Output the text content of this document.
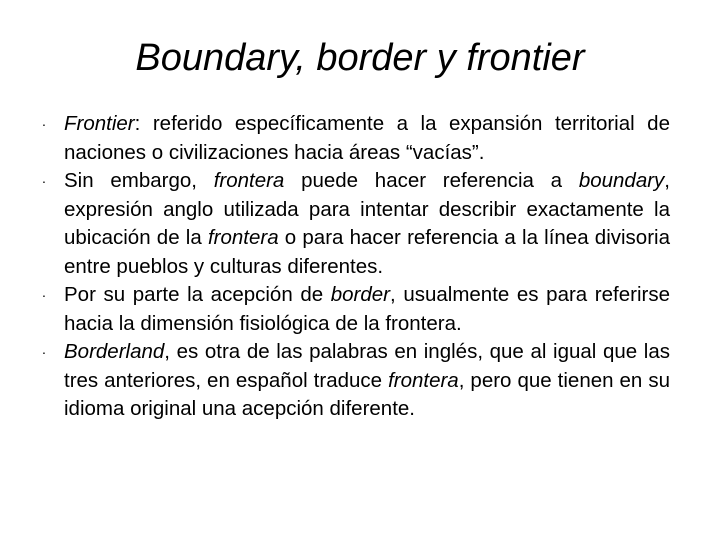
Boundary, border y frontier
· Frontier: referido específicamente a la expansión territorial de naciones o civilizaciones hacia áreas “vacías”.
· Sin embargo, frontera puede hacer referencia a boundary, expresión anglo utilizada para intentar describir exactamente la ubicación de la frontera o para hacer referencia a la línea divisoria entre pueblos y culturas diferentes.
· Por su parte la acepción de border, usualmente es para referirse hacia la dimensión fisiológica de la frontera.
· Borderland, es otra de las palabras en inglés, que al igual que las tres anteriores, en español traduce frontera, pero que tienen en su idioma original una acepción diferente.
